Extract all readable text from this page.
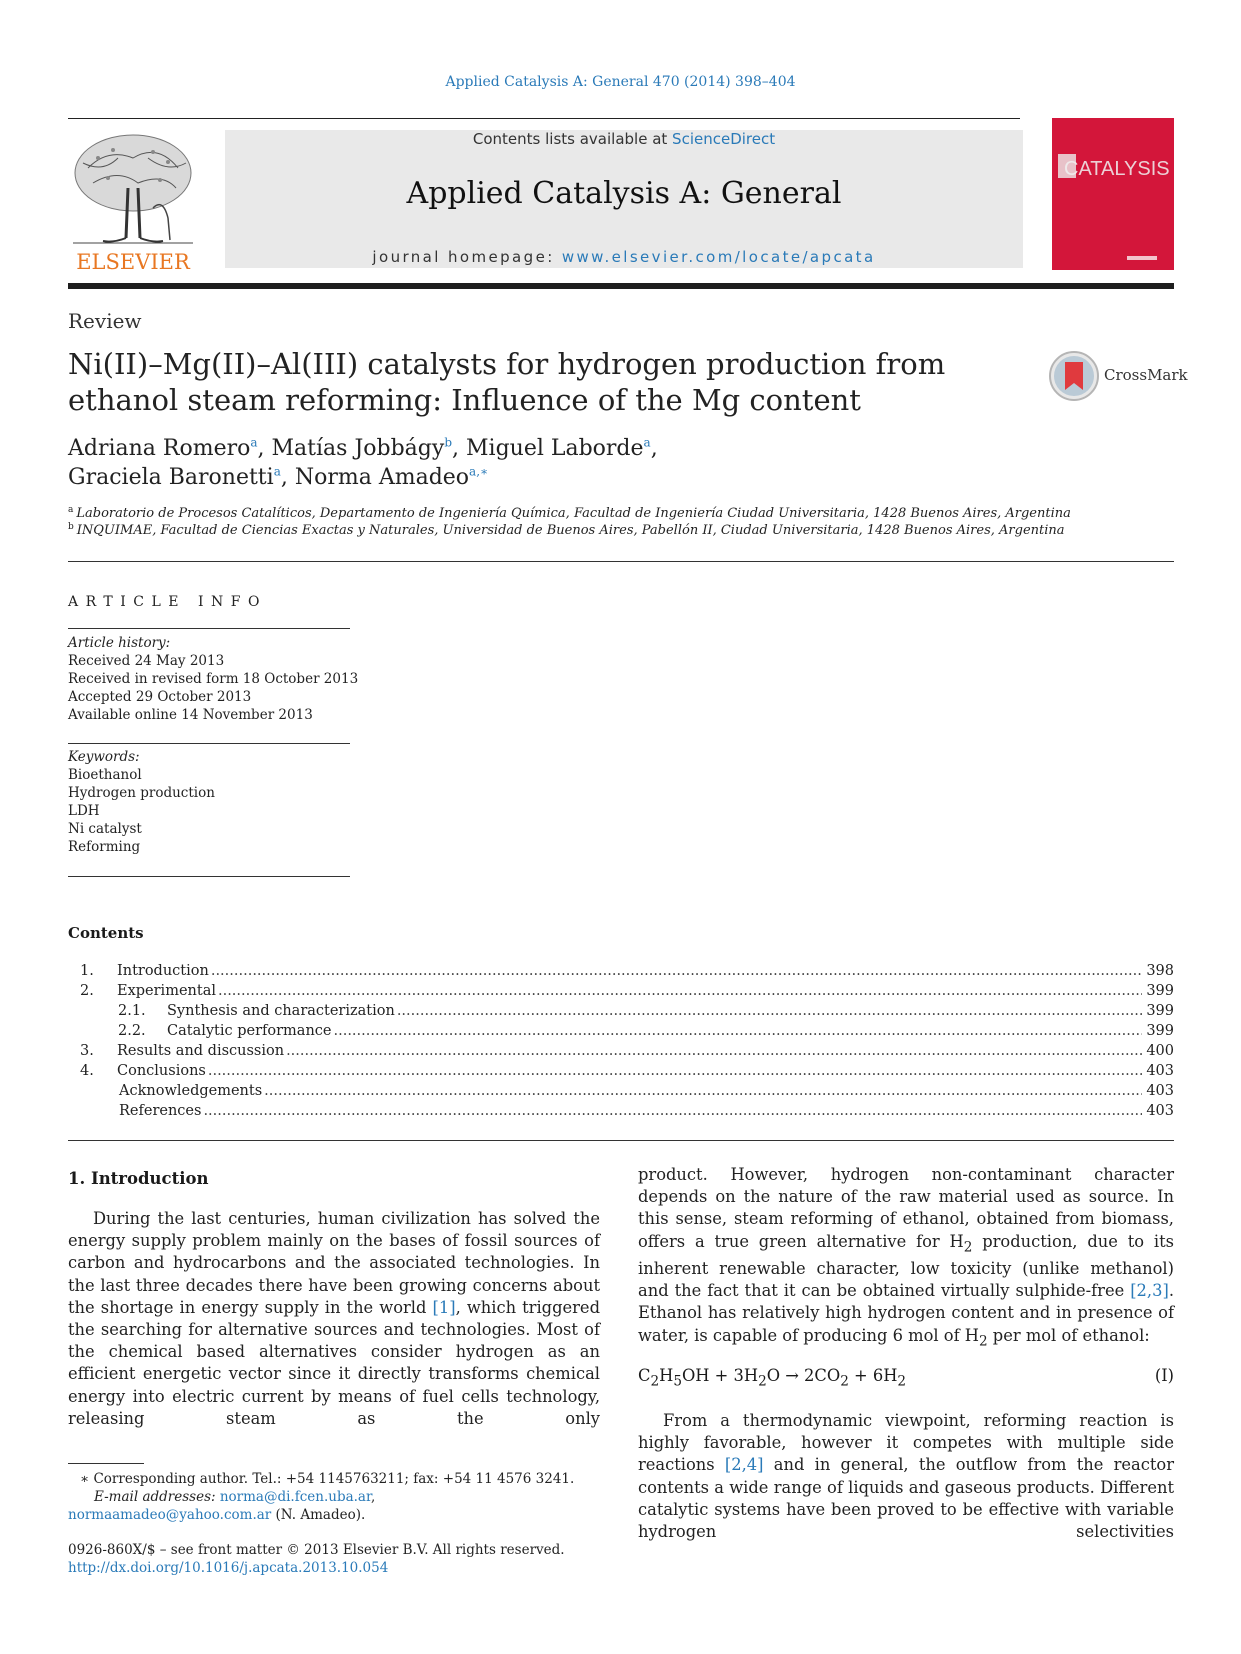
Applied Catalysis A: General 470 (2014) 398–404
ELSEVIER
Contents lists available at ScienceDirect
Applied Catalysis A: General
journal homepage: www.elsevier.com/locate/apcata
CATALYSIS
Review
Ni(II)–Mg(II)–Al(III) catalysts for hydrogen production from ethanol steam reforming: Influence of the Mg content
CrossMark
Adriana Romero$^a$, Matías Jobbágy$^b$, Miguel Laborde$^a$,
Graciela Baronetti$^a$, Norma Amadeo$^{a,∗}$
$^a$ Laboratorio de Procesos Catalíticos, Departamento de Ingeniería Química, Facultad de Ingeniería Ciudad Universitaria, 1428 Buenos Aires, Argentina
$^b$ INQUIMAE, Facultad de Ciencias Exactas y Naturales, Universidad de Buenos Aires, Pabellón II, Ciudad Universitaria, 1428 Buenos Aires, Argentina
ARTICLE INFO
Article history:
Received 24 May 2013
Received in revised form 18 October 2013
Accepted 29 October 2013
Available online 14 November 2013
Keywords:
Bioethanol
Hydrogen production
LDH
Ni catalyst
Reforming
Contents
1.	Introduction .....	398
2.	Experimental .....	399
2.1.	Synthesis and characterization .....	399
2.2.	Catalytic performance .....	399
3.	Results and discussion .....	400
4.	Conclusions .....	403
Acknowledgements .....	403
References .....	403
1. Introduction

During the last centuries, human civilization has solved the energy supply problem mainly on the bases of fossil sources of carbon and hydrocarbons and the associated technologies. In the last three decades there have been growing concerns about the shortage in energy supply in the world [1], which triggered the searching for alternative sources and technologies. Most of the chemical based alternatives consider hydrogen as an efficient energetic vector since it directly transforms chemical energy into electric current by means of fuel cells technology, releasing steam as the only

product. However, hydrogen non-contaminant character depends on the nature of the raw material used as source. In this sense, steam reforming of ethanol, obtained from biomass, offers a true green alternative for $H_2$ production, due to its inherent renewable character, low toxicity (unlike methanol) and the fact that it can be obtained virtually sulphide-free [2,3]. Ethanol has relatively high hydrogen content and in presence of water, is capable of producing 6 mol of $H_2$ per mol of ethanol:

$C_2H_5OH + 3H_2O \to 2CO_2 + 6H_2$	(I)

From a thermodynamic viewpoint, reforming reaction is highly favorable, however it competes with multiple side reactions [2,4] and in general, the outflow from the reactor contents a wide range of liquids and gaseous products. Different catalytic systems have been proved to be effective with variable hydrogen selectivities

∗ Corresponding author. Tel.: +54 1145763211; fax: +54 11 4576 3241.
E-mail addresses: norma@di.fcen.uba.ar,
normaamadeo@yahoo.com.ar (N. Amadeo).
0926-860X/$ – see front matter © 2013 Elsevier B.V. All rights reserved.
http://dx.doi.org/10.1016/j.apcata.2013.10.054
